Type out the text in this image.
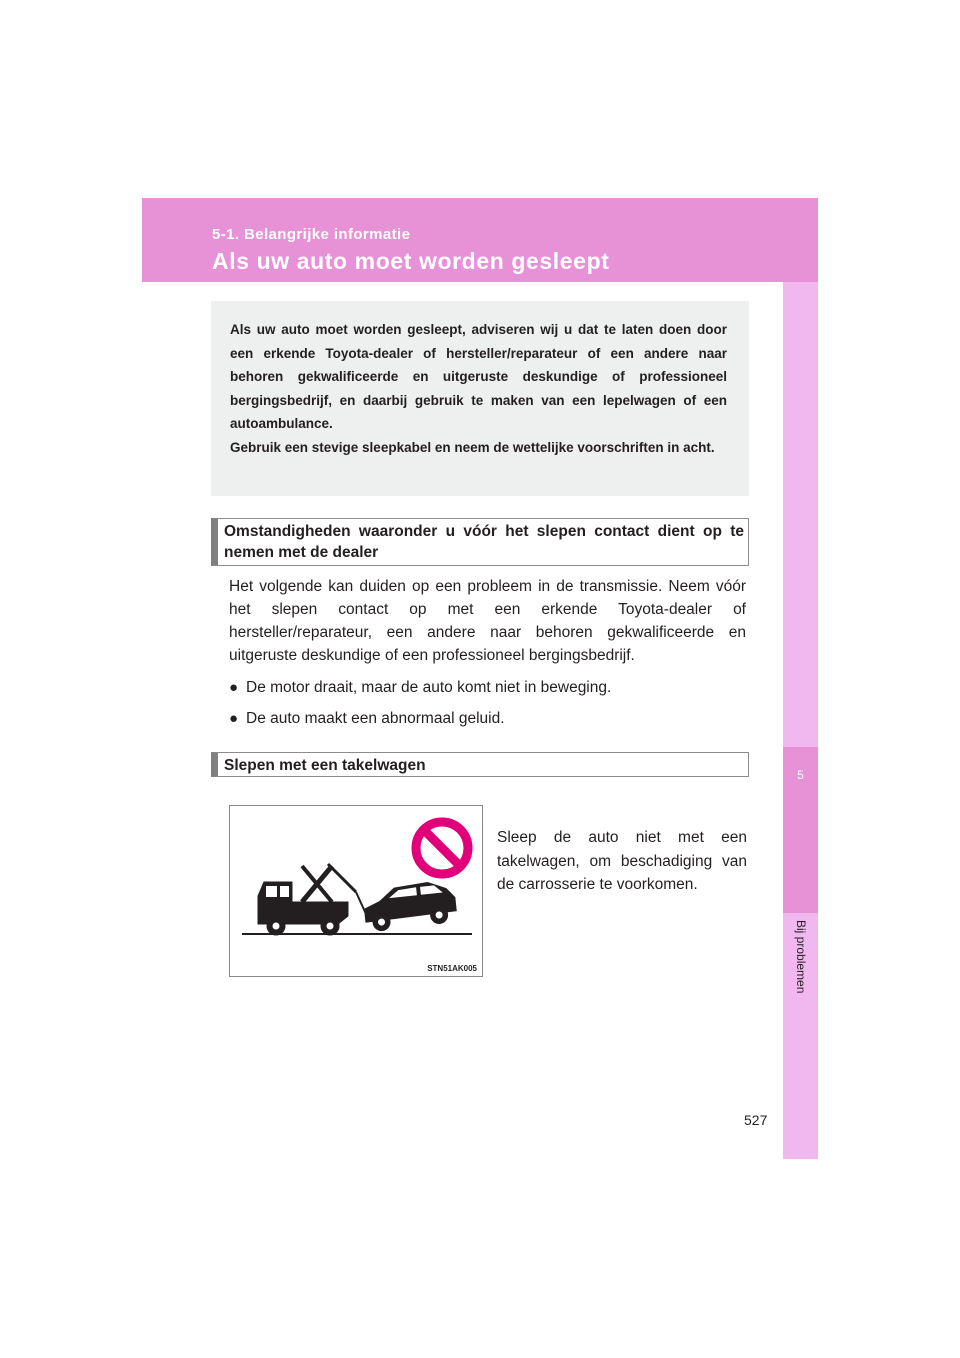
5-1. Belangrijke informatie
Als uw auto moet worden gesleept
5
Bij problemen

Als uw auto moet worden gesleept, adviseren wij u dat te laten doen door een erkende Toyota-dealer of hersteller/reparateur of een andere naar behoren gekwalificeerde en uitgeruste deskundige of professioneel bergingsbedrijf, en daarbij gebruik te maken van een lepelwagen of een autoambulance.

Gebruik een stevige sleepkabel en neem de wettelijke voorschriften in acht.

Omstandigheden waaronder u vóór het slepen contact dient op te nemen met de dealer
Het volgende kan duiden op een probleem in de transmissie. Neem vóór het slepen contact op met een erkende Toyota-dealer of hersteller/reparateur, een andere naar behoren gekwalificeerde en uitgeruste deskundige of een professioneel bergingsbedrijf.
● De motor draait, maar de auto komt niet in beweging.
● De auto maakt een abnormaal geluid.
Slepen met een takelwagen
STN51AK005
Sleep de auto niet met een takelwagen, om beschadiging van de carrosserie te voorkomen.
527
